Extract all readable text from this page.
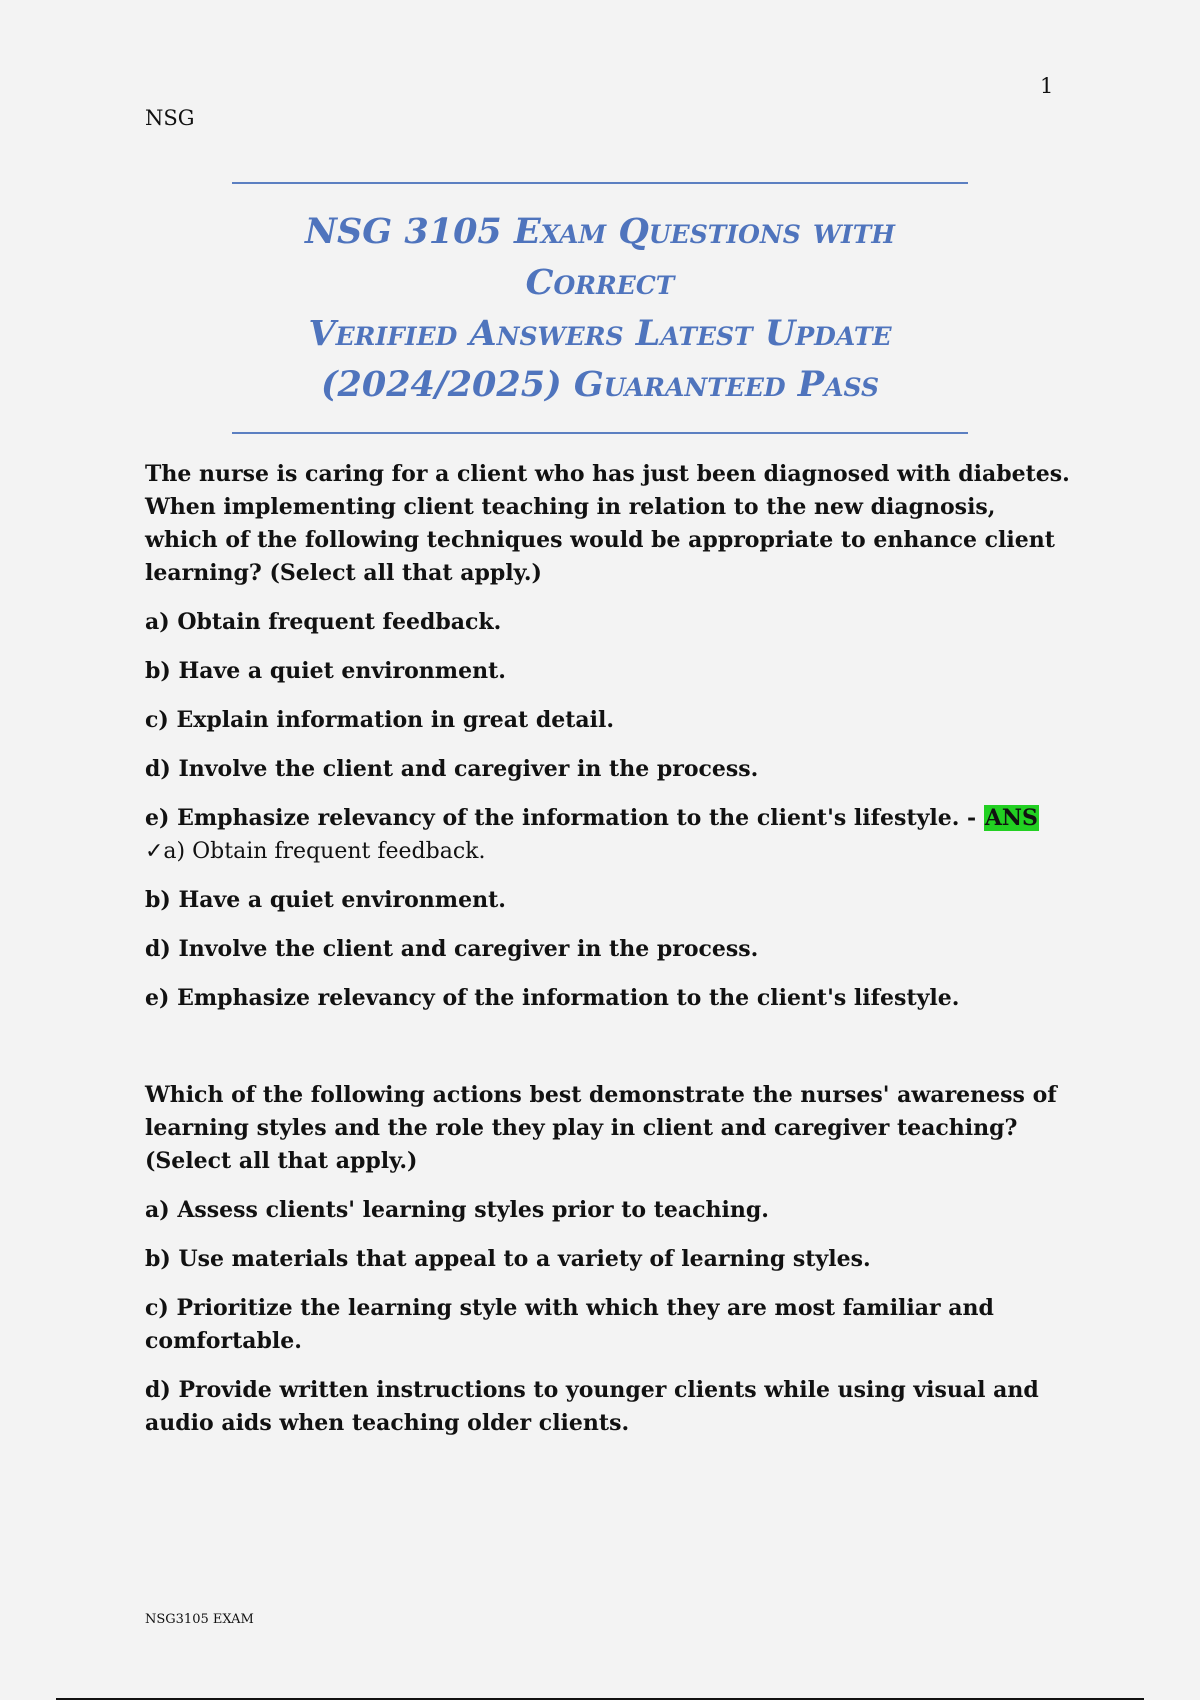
1
NSG
NSG 3105 Exam Questions with Correct
Verified Answers Latest Update
(2024/2025) Guaranteed Pass
The nurse is caring for a client who has just been diagnosed with diabetes. When implementing client teaching in relation to the new diagnosis, which of the following techniques would be appropriate to enhance client learning? (Select all that apply.)
a) Obtain frequent feedback.
b) Have a quiet environment.
c) Explain information in great detail.
d) Involve the client and caregiver in the process.
e) Emphasize relevancy of the information to the client's lifestyle. - ANS ✓a) Obtain frequent feedback.
b) Have a quiet environment.
d) Involve the client and caregiver in the process.
e) Emphasize relevancy of the information to the client's lifestyle.
Which of the following actions best demonstrate the nurses' awareness of learning styles and the role they play in client and caregiver teaching? (Select all that apply.)
a) Assess clients' learning styles prior to teaching.
b) Use materials that appeal to a variety of learning styles.
c) Prioritize the learning style with which they are most familiar and comfortable.
d) Provide written instructions to younger clients while using visual and audio aids when teaching older clients.
NSG3105 EXAM
